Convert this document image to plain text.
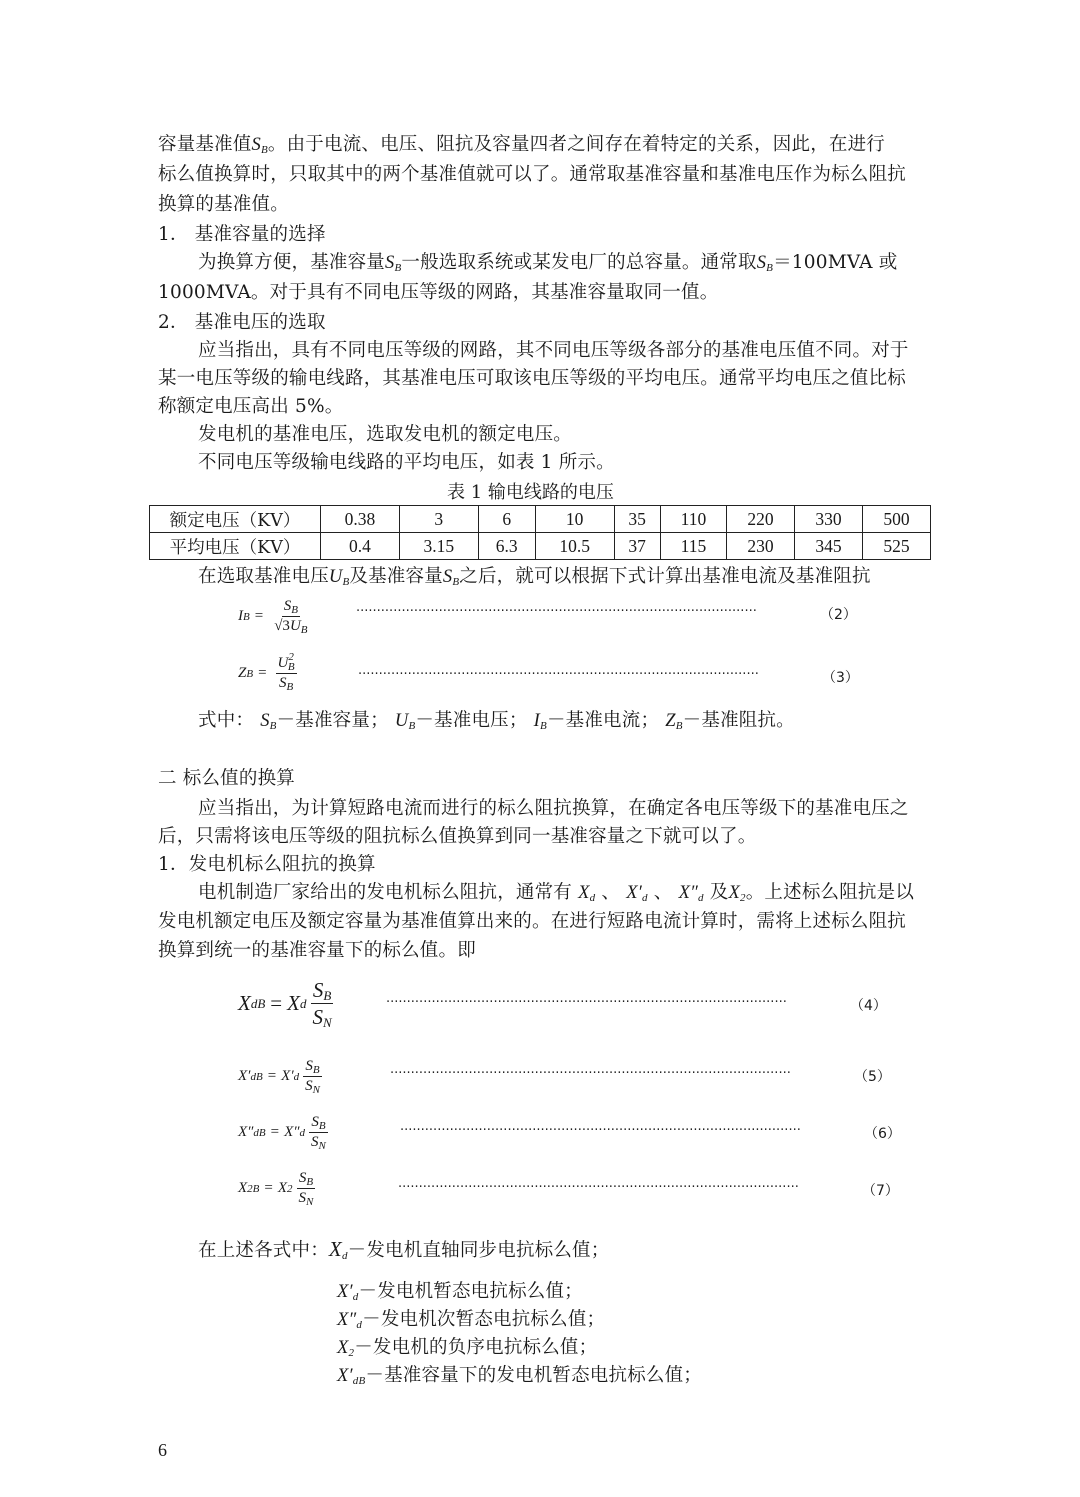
容量基准值$S_B$。由于电流、电压、阻抗及容量四者之间存在着特定的关系，因此，在进行
标么值换算时，只取其中的两个基准值就可以了。通常取基准容量和基准电压作为标么阻抗
换算的基准值。
1． 基准容量的选择
为换算方便，基准容量$S_B$一般选取系统或某发电厂的总容量。通常取$S_B=100MVA$ 或
1000MVA。对于具有不同电压等级的网路，其基准容量取同一值。
2． 基准电压的选取
应当指出，具有不同电压等级的网路，其不同电压等级各部分的基准电压值不同。对于
某一电压等级的输电线路，其基准电压可取该电压等级的平均电压。通常平均电压之值比标
称额定电压高出 5%。
发电机的基准电压，选取发电机的额定电压。
不同电压等级输电线路的平均电压，如表 1 所示。
表 1 输电线路的电压
额定电压（KV）	0.38	3	6	10	35	110	220	330	500
平均电压（KV）	0.4	3.15	6.3	10.5	37	115	230	345	525
在选取基准电压$U_B$及基准容量$S_B$之后，就可以根据下式计算出基准电流及基准阻抗
I $B = \frac{S_B}{√3U_B}$	·································································································	（2）
Z $B = \frac{U^2_B}{S_B}$	·································································································	（3）
式中： $S_B-$基准容量； $U_B-$基准电压； $I_B-$基准电流； $Z_B-$基准阻抗。
二 标么值的换算
应当指出，为计算短路电流而进行的标么阻抗换算，在确定各电压等级下的基准电压之
后，只需将该电压等级的阻抗标么值换算到同一基准容量之下就可以了。
1．发电机标么阻抗的换算
电机制造厂家给出的发电机标么阻抗，通常有 $X_d$ 、 $X'_d$ 、 $X''_d$ 及$X_2$。上述标么阻抗是以
发电机额定电压及额定容量为基准值算出来的。在进行短路电流计算时，需将上述标么阻抗
换算到统一的基准容量下的标么值。即
X dB = X d $\frac{S_B}{S_N}$	·································································································	（4）
X ′ dB = X ′ d $\frac{S_B}{S_N}$	·································································································	（5）
X ″ dB = X ″ d $\frac{S_B}{S_N}$	·································································································	（6）
X 2B = X $2 \frac{S_B}{S_N}$	·································································································	（7）
在上述各式中：$X_d-$发电机直轴同步电抗标么值；
$X'_d-$发电机暂态电抗标么值；
$X''_d-$发电机次暂态电抗标么值；
$X_2-$发电机的负序电抗标么值；
$X'_{dB}-$基准容量下的发电机暂态电抗标么值；
6
